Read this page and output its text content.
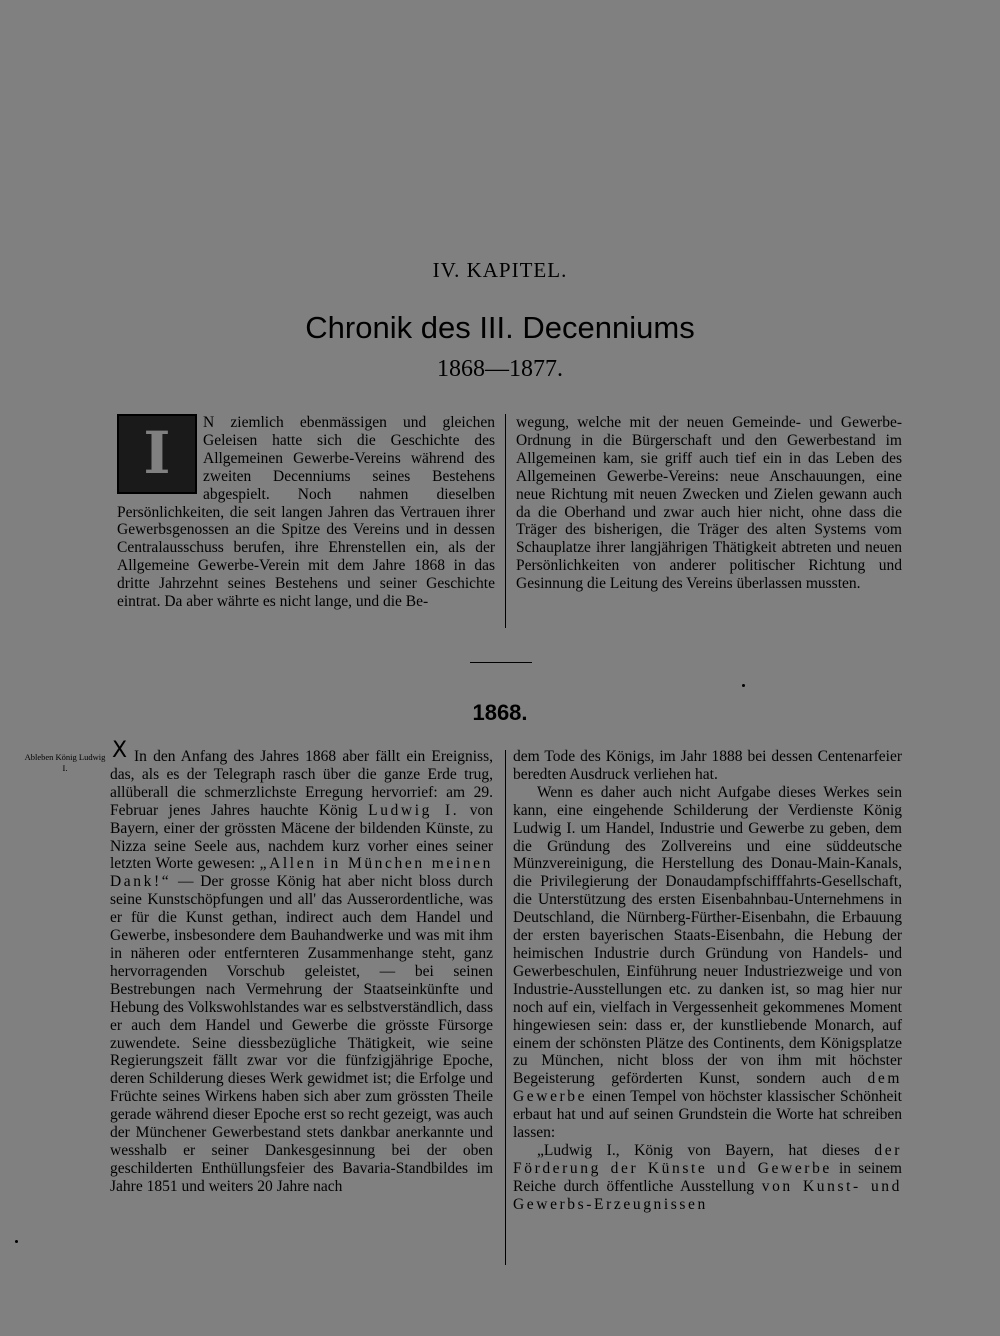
IV. KAPITEL.
Chronik des III. Decenniums
1868—1877.
I	N ziemlich ebenmässigen und gleichen Geleisen hatte sich die Geschichte des Allgemeinen Gewerbe-Vereins während des zweiten Decenniums seines Bestehens abgespielt. Noch nahmen dieselben Persönlichkeiten, die seit langen Jahren das Vertrauen ihrer Gewerbsgenossen an die Spitze des Vereins und in dessen Centralausschuss berufen, ihre Ehrenstellen ein, als der Allgemeine Gewerbe-Verein mit dem Jahre 1868 in das dritte Jahrzehnt seines Bestehens und seiner Geschichte eintrat. Da aber währte es nicht lange, und die Be-

wegung, welche mit der neuen Gemeinde- und Gewerbe-Ordnung in die Bürgerschaft und den Gewerbestand im Allgemeinen kam, sie griff auch tief ein in das Leben des Allgemeinen Gewerbe-Vereins: neue Anschauungen, eine neue Richtung mit neuen Zwecken und Zielen gewann auch da die Oberhand und zwar auch hier nicht, ohne dass die Träger des bisherigen, die Träger des alten Systems vom Schauplatze ihrer langjährigen Thätigkeit abtreten und neuen Persönlichkeiten von anderer politischer Richtung und Gesinnung die Leitung des Vereins überlassen mussten.

1868.
Ableben König Ludwig I.
X In den Anfang des Jahres 1868 aber fällt ein Ereigniss, das, als es der Telegraph rasch über die ganze Erde trug, allüberall die schmerzlichste Erregung hervorrief: am 29. Februar jenes Jahres hauchte König Ludwig I. von Bayern, einer der grössten Mäcene der bildenden Künste, zu Nizza seine Seele aus, nachdem kurz vorher eines seiner letzten Worte gewesen: „Allen in München meinen Dank!“ — Der grosse König hat aber nicht bloss durch seine Kunstschöpfungen und all' das Ausserordentliche, was er für die Kunst gethan, indirect auch dem Handel und Gewerbe, insbesondere dem Bauhandwerke und was mit ihm in näheren oder entfernteren Zusammenhange steht, ganz hervorragenden Vorschub geleistet, — bei seinen Bestrebungen nach Vermehrung der Staatseinkünfte und Hebung des Volkswohlstandes war es selbstverständlich, dass er auch dem Handel und Gewerbe die grösste Fürsorge zuwendete. Seine diessbezügliche Thätigkeit, wie seine Regierungszeit fällt zwar vor die fünfzigjährige Epoche, deren Schilderung dieses Werk gewidmet ist; die Erfolge und Früchte seines Wirkens haben sich aber zum grössten Theile gerade während dieser Epoche erst so recht gezeigt, was auch der Münchener Gewerbestand stets dankbar anerkannte und wesshalb er seiner Dankesgesinnung bei der oben geschilderten Enthüllungsfeier des Bavaria-Standbildes im Jahre 1851 und weiters 20 Jahre nach

dem Tode des Königs, im Jahr 1888 bei dessen Centenarfeier beredten Ausdruck verliehen hat.

Wenn es daher auch nicht Aufgabe dieses Werkes sein kann, eine eingehende Schilderung der Verdienste König Ludwig I. um Handel, Industrie und Gewerbe zu geben, dem die Gründung des Zollvereins und eine süddeutsche Münzvereinigung, die Herstellung des Donau-Main-Kanals, die Privilegierung der Donaudampfschifffahrts-Gesellschaft, die Unterstützung des ersten Eisenbahnbau-Unternehmens in Deutschland, die Nürnberg-Fürther-Eisenbahn, die Erbauung der ersten bayerischen Staats-Eisenbahn, die Hebung der heimischen Industrie durch Gründung von Handels- und Gewerbeschulen, Einführung neuer Industriezweige und von Industrie-Ausstellungen etc. zu danken ist, so mag hier nur noch auf ein, vielfach in Vergessenheit gekommenes Moment hingewiesen sein: dass er, der kunstliebende Monarch, auf einem der schönsten Plätze des Continents, dem Königsplatze zu München, nicht bloss der von ihm mit höchster Begeisterung geförderten Kunst, sondern auch dem Gewerbe einen Tempel von höchster klassischer Schönheit erbaut hat und auf seinen Grundstein die Worte hat schreiben lassen:

„Ludwig I., König von Bayern, hat dieses der Förderung der Künste und Gewerbe in seinem Reiche durch öffentliche Ausstellung von Kunst- und Gewerbs-Erzeugnissen
